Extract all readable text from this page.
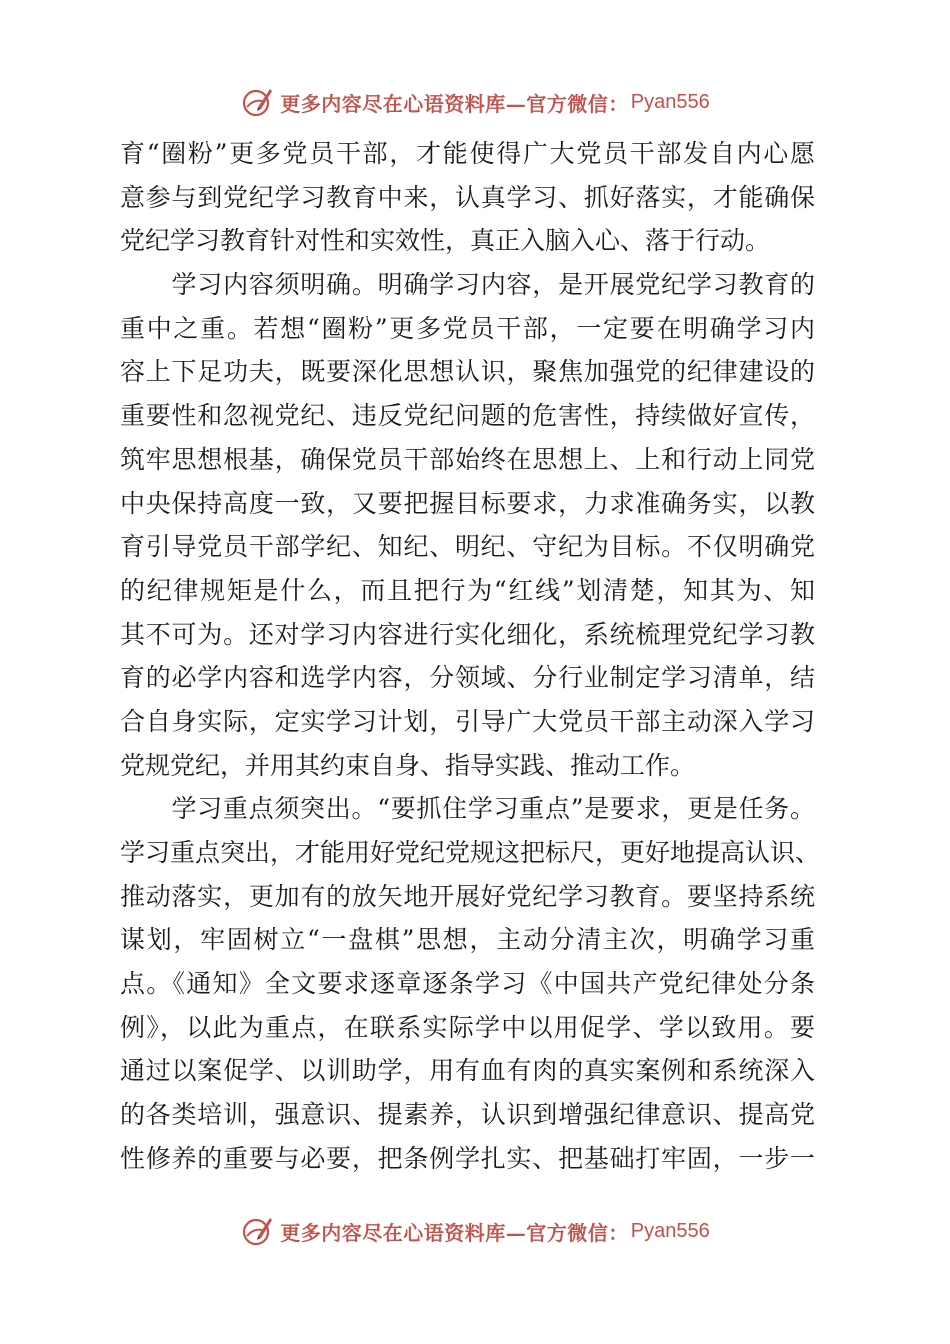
更多内容尽在心语资料库—官方微信： Pyan556
育“圈粉”更多党员干部，才能使得广大党员干部发自内心愿
意参与到党纪学习教育中来，认真学习、抓好落实，才能确保
党纪学习教育针对性和实效性，真正入脑入心、落于行动。
　　学习内容须明确。明确学习内容，是开展党纪学习教育的
重中之重。若想“圈粉”更多党员干部，一定要在明确学习内
容上下足功夫，既要深化思想认识，聚焦加强党的纪律建设的
重要性和忽视党纪、违反党纪问题的危害性，持续做好宣传，
筑牢思想根基，确保党员干部始终在思想上、上和行动上同党
中央保持高度一致，又要把握目标要求，力求准确务实，以教
育引导党员干部学纪、知纪、明纪、守纪为目标。不仅明确党
的纪律规矩是什么，而且把行为“红线”划清楚，知其为、知
其不可为。还对学习内容进行实化细化，系统梳理党纪学习教
育的必学内容和选学内容，分领域、分行业制定学习清单，结
合自身实际，定实学习计划，引导广大党员干部主动深入学习
党规党纪，并用其约束自身、指导实践、推动工作。
　　学习重点须突出。“要抓住学习重点”是要求，更是任务。
学习重点突出，才能用好党纪党规这把标尺，更好地提高认识、
推动落实，更加有的放矢地开展好党纪学习教育。要坚持系统
谋划，牢固树立“一盘棋”思想，主动分清主次，明确学习重
点。《通知》全文要求逐章逐条学习《中国共产党纪律处分条
例》，以此为重点，在联系实际学中以用促学、学以致用。要
通过以案促学、以训助学，用有血有肉的真实案例和系统深入
的各类培训，强意识、提素养，认识到增强纪律意识、提高党
性修养的重要与必要，把条例学扎实、把基础打牢固，一步一
更多内容尽在心语资料库—官方微信： Pyan556
